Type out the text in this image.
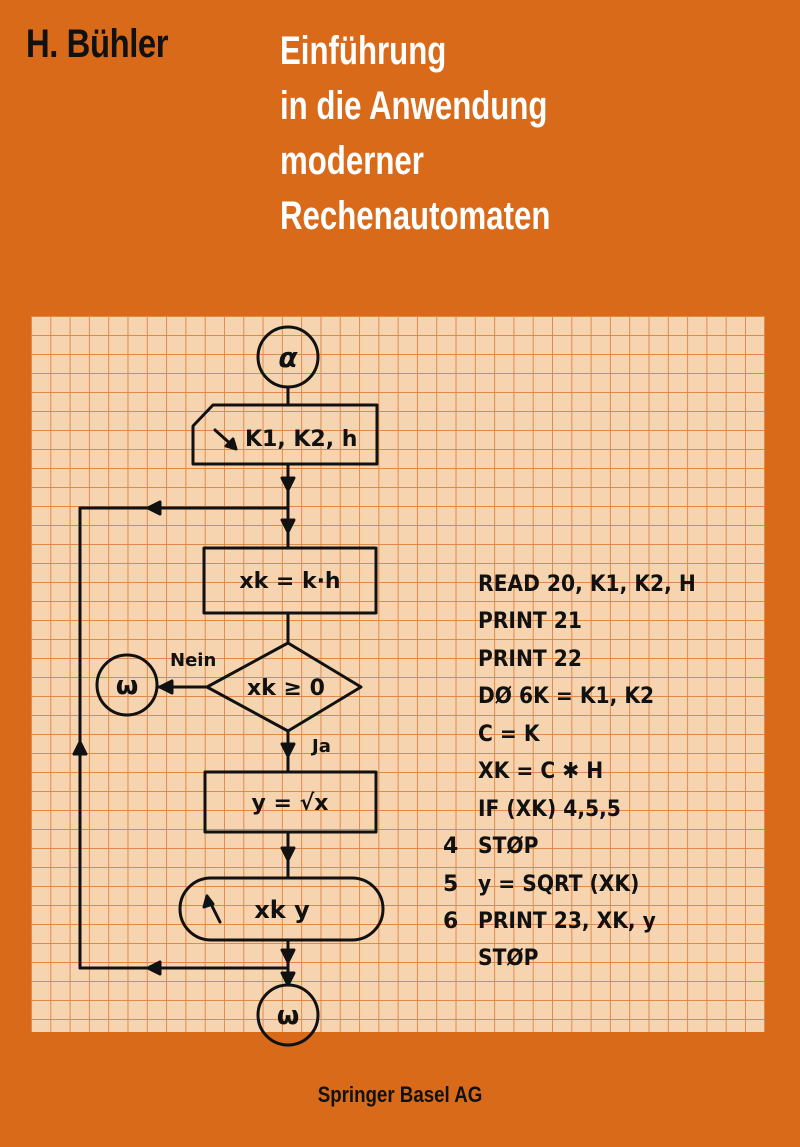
H. Bühler	Einführung
in die Anwendung
moderner
Rechenautomaten
α
K1, K2, h
xk = k·h
xk ≥ 0
Nein
Ja
ω
y = √x
xk y
ω
READ 20, K1, K2, H
PRINT 21
PRINT 22
DØ 6K = K1, K2
C = K
XK = C ✱ H
IF (XK) 4,5,5
4 STØP
5 y = SQRT (XK)
6 PRINT 23, XK, y
STØP
Springer Basel AG
